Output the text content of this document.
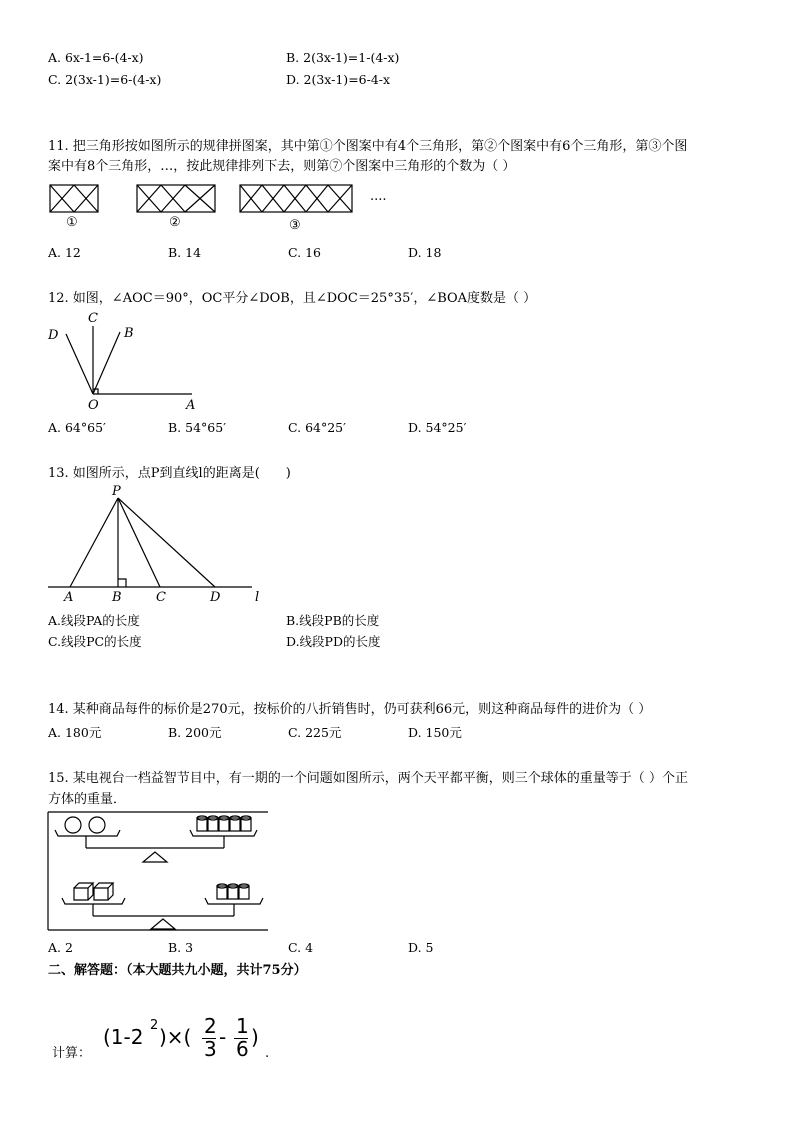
A. 6x-1=6-(4-x)	B. 2(3x-1)=1-(4-x)
C. 2(3x-1)=6-(4-x)	D. 2(3x-1)=6-4-x
11. 把三角形按如图所示的规律拼图案，其中第①个图案中有4个三角形，第②个图案中有6个三角形，第③个图
案中有8个三角形，…，按此规律排列下去，则第⑦个图案中三角形的个数为（ ）
①	②	③
....
A. 12	B. 14	C. 16	D. 18
12. 如图，∠AOC＝90°，OC平分∠DOB，且∠DOC＝25°35′，∠BOA度数是（ ）
D
C
B
O	A
A. 64°65′	B. 54°65′	C. 64°25′	D. 54°25′
13. 如图所示，点P到直线l的距离是(　　)
P
A	B	C	D	l
A.线段PA的长度	B.线段PB的长度
C.线段PC的长度	D.线段PD的长度
14. 某种商品每件的标价是270元，按标价的八折销售时，仍可获利66元，则这种商品每件的进价为（ ）
A. 180元	B. 200元	C. 225元	D. 150元
15. 某电视台一档益智节目中，有一期的一个问题如图所示，两个天平都平衡，则三个球体的重量等于（ ）个正
方体的重量．
A. 2	B. 3	C. 4	D. 5
二、解答题：（本大题共九小题，共计75分）
计算：
(1-2 2 )×( 2
3 - 1
6 )
.
